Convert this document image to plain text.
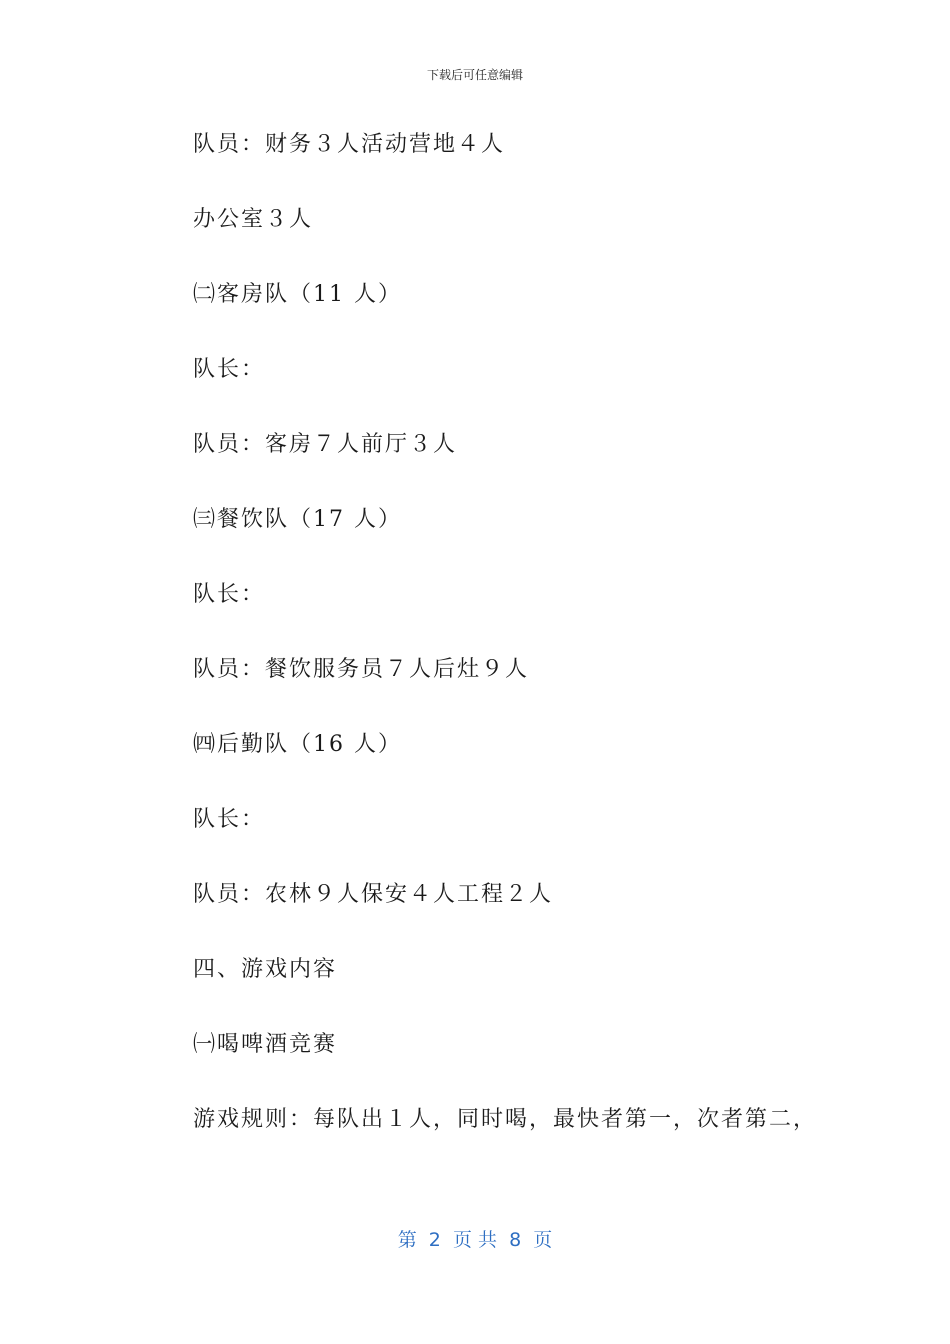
下载后可任意编辑
队员：财务３人活动营地４人
办公室３人
㈡客房队（11 人）
队长：
队员：客房７人前厅３人
㈢餐饮队（17 人）
队长：
队员：餐饮服务员７人后灶９人
㈣后勤队（16 人）
队长：
队员：农林９人保安４人工程２人
四、游戏内容
㈠喝啤酒竞赛
游戏规则：每队出１人，同时喝，最快者第一，次者第二，
第  2  页 共  8  页
